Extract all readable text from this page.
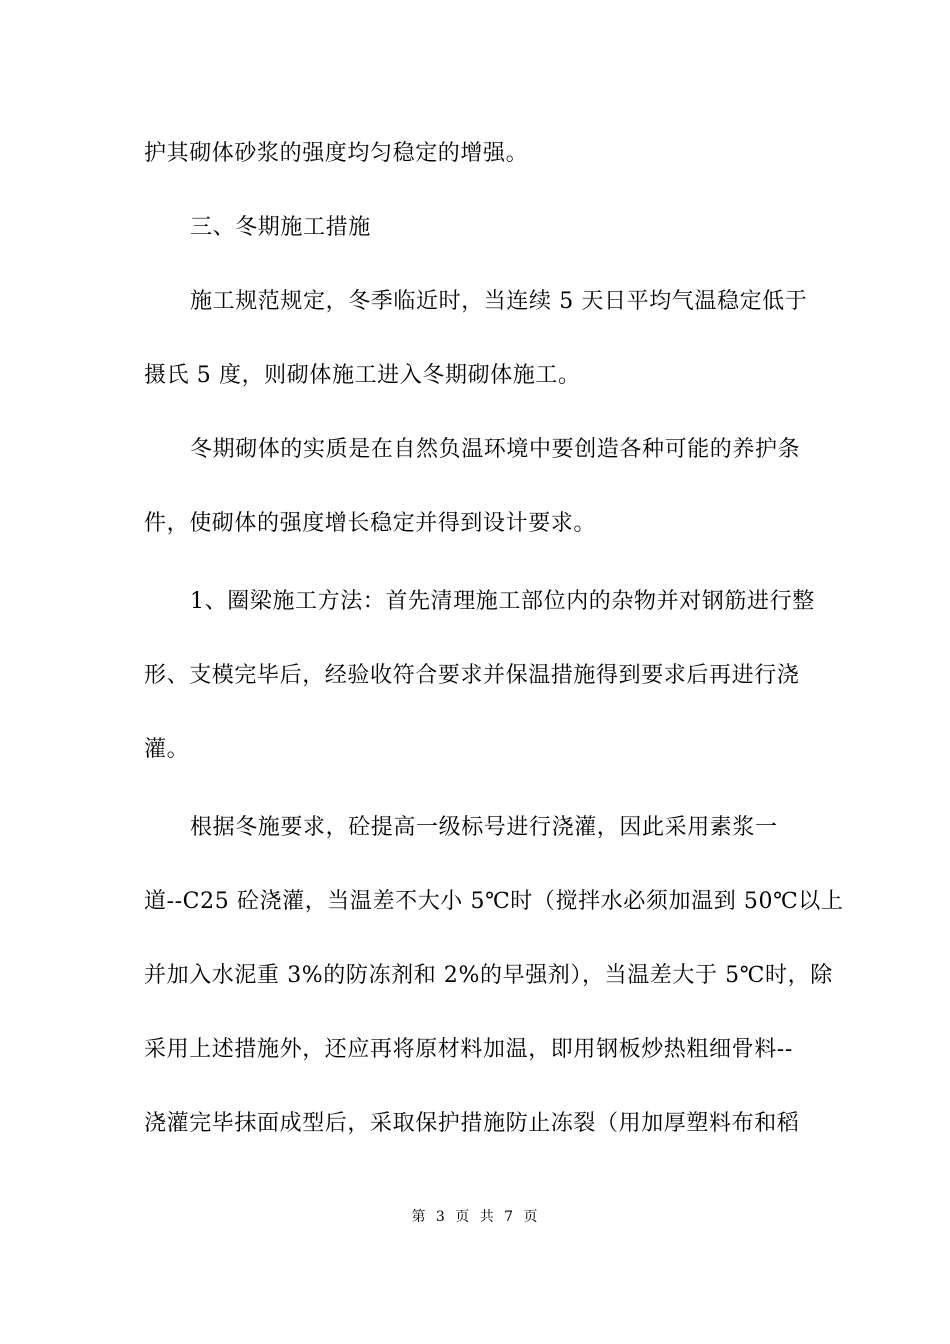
护其砌体砂浆的强度均匀稳定的增强。
三、冬期施工措施
施工规范规定，冬季临近时，当连续 5 天日平均气温稳定低于
摄氏 5 度，则砌体施工进入冬期砌体施工。
冬期砌体的实质是在自然负温环境中要创造各种可能的养护条
件，使砌体的强度增长稳定并得到设计要求。
1、圈梁施工方法：首先清理施工部位内的杂物并对钢筋进行整
形、支模完毕后，经验收符合要求并保温措施得到要求后再进行浇
灌。
根据冬施要求，砼提高一级标号进行浇灌，因此采用素浆一
道--C25 砼浇灌，当温差不大小 5℃时（搅拌水必须加温到 50℃以上
并加入水泥重 3%的防冻剂和 2%的早强剂），当温差大于 5℃时，除
采用上述措施外，还应再将原材料加温，即用钢板炒热粗细骨料--
浇灌完毕抹面成型后，采取保护措施防止冻裂（用加厚塑料布和稻
第 3 页 共 7 页
